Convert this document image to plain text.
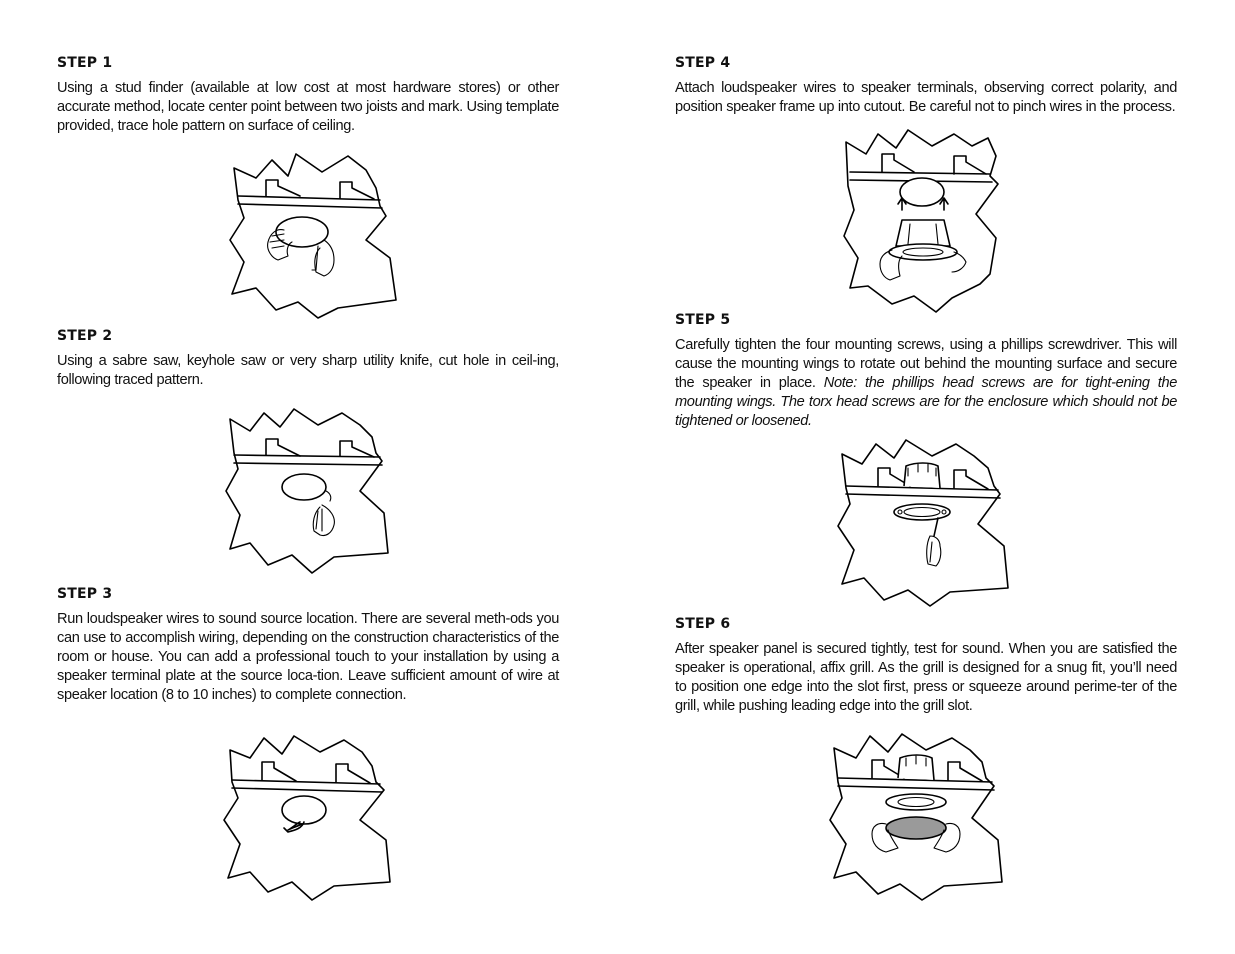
STEP 1

Using a stud finder (available at low cost at most hardware stores) or other accurate method, locate center point between two joists and mark. Using template provided, trace hole pattern on surface of ceiling.

STEP 2

Using a sabre saw, keyhole saw or very sharp utility knife, cut hole in ceil-ing, following traced pattern.

STEP 3

Run loudspeaker wires to sound source location. There are several meth-ods you can use to accomplish wiring, depending on the construction characteristics of the room or house. You can add a professional touch to your installation by using a speaker terminal plate at the source loca-tion. Leave sufficient amount of wire at speaker location (8 to 10 inches) to complete connection.

STEP 4

Attach loudspeaker wires to speaker terminals, observing correct polarity, and position speaker frame up into cutout. Be careful not to pinch wires in the process.

STEP 5

Carefully tighten the four mounting screws, using a phillips screwdriver. This will cause the mounting wings to rotate out behind the mounting surface and secure the speaker in place. Note: the phillips head screws are for tight-ening the mounting wings. The torx head screws are for the enclosure which should not be tightened or loosened.

STEP 6

After speaker panel is secured tightly, test for sound. When you are satisfied the speaker is operational, affix grill. As the grill is designed for a snug fit, you’ll need to position one edge into the slot first, press or squeeze around perime-ter of the grill, while pushing leading edge into the grill slot.
